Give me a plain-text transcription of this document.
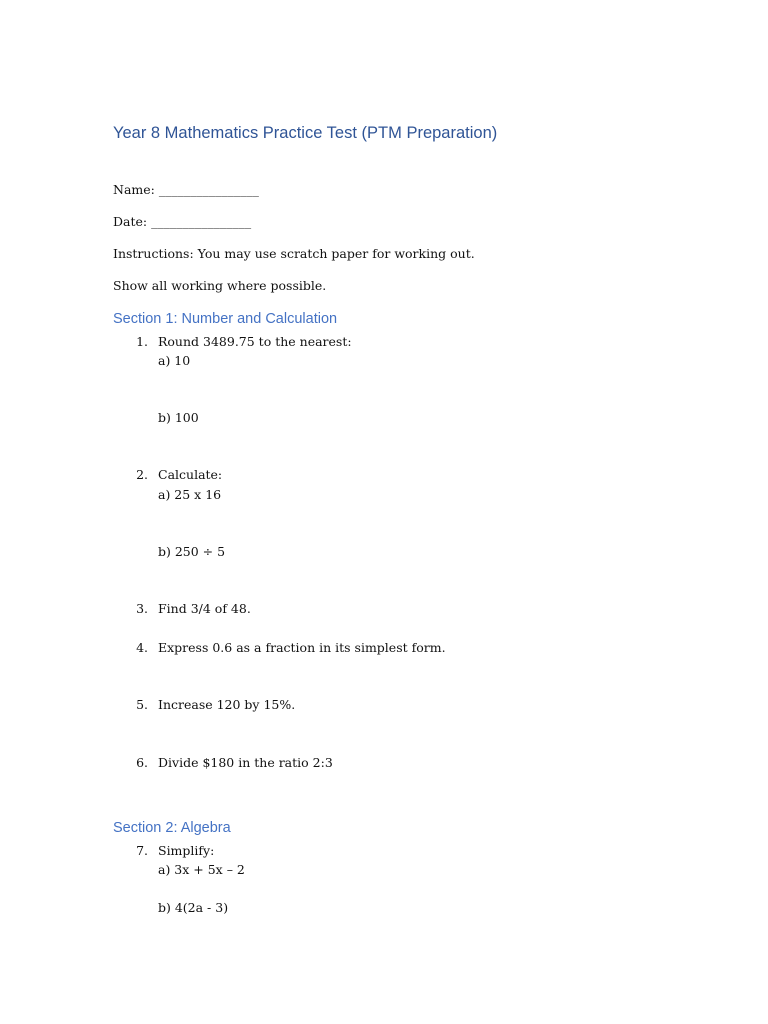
Year 8 Mathematics Practice Test (PTM Preparation)
Name: ________________
Date: ________________
Instructions: You may use scratch paper for working out.
Show all working where possible.
Section 1: Number and Calculation
1. Round 3489.75 to the nearest:
a) 10
b) 100
2. Calculate:
a) 25 x 16
b) 250 ÷ 5
3. Find 3/4 of 48.
4. Express 0.6 as a fraction in its simplest form.
5. Increase 120 by 15%.
6. Divide $180 in the ratio 2:3
Section 2: Algebra
7. Simplify:
a) 3x + 5x – 2
b) 4(2a - 3)
